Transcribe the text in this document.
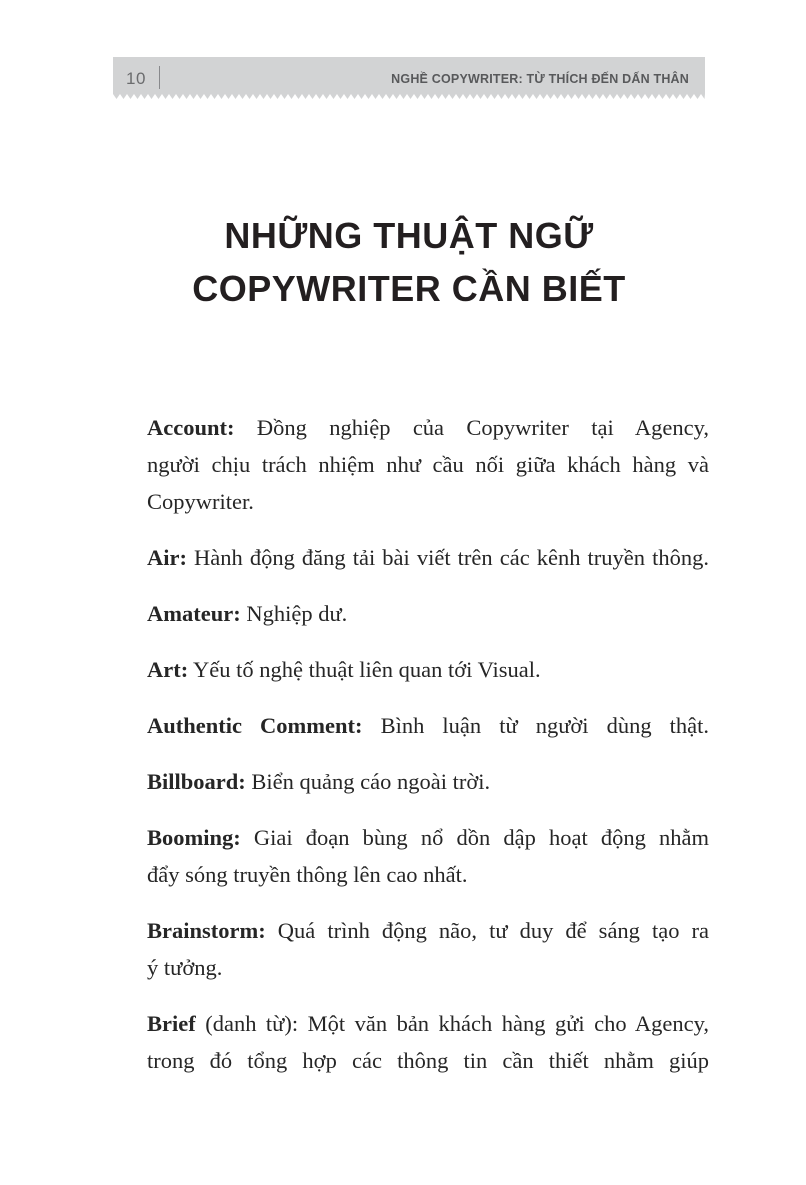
10	NGHỀ COPYWRITER: TỪ THÍCH ĐẾN DẤN THÂN
NHỮNG THUẬT NGỮ
COPYWRITER CẦN BIẾT
Account: Đồng nghiệp của Copywriter tại Agency,
người chịu trách nhiệm như cầu nối giữa khách hàng và
Copywriter.
Air: Hành động đăng tải bài viết trên các kênh truyền thông.
Amateur: Nghiệp dư.
Art: Yếu tố nghệ thuật liên quan tới Visual.
Authentic Comment: Bình luận từ người dùng thật.
Billboard: Biển quảng cáo ngoài trời.
Booming: Giai đoạn bùng nổ dồn dập hoạt động nhằm
đẩy sóng truyền thông lên cao nhất.
Brainstorm: Quá trình động não, tư duy để sáng tạo ra
ý tưởng.
Brief (danh từ): Một văn bản khách hàng gửi cho Agency,
trong đó tổng hợp các thông tin cần thiết nhằm giúp
